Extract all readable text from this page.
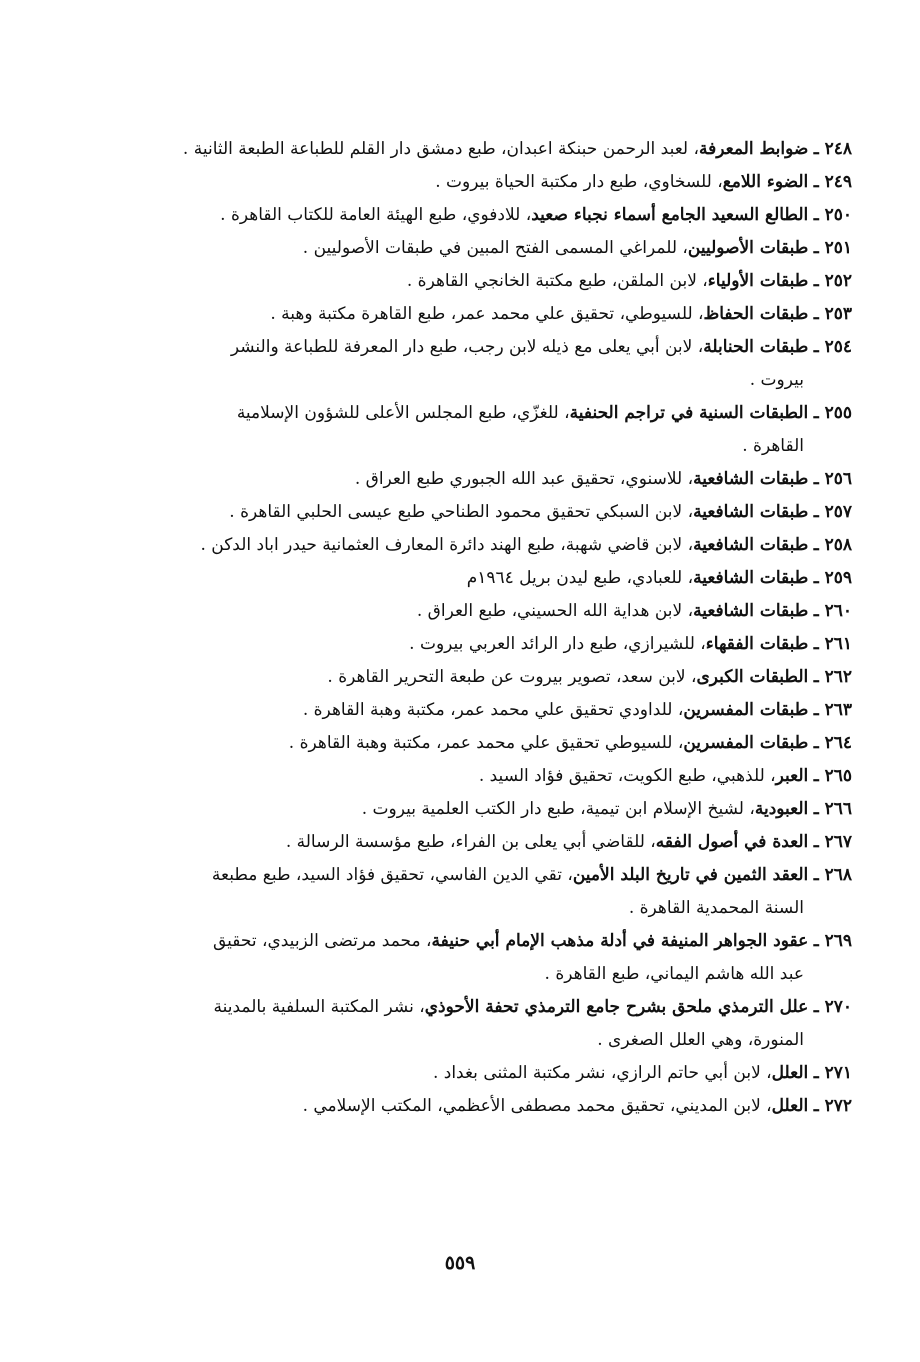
٢٤٨ ـ ضوابط المعرفة، لعبد الرحمن حبنكة اعبدان، طبع دمشق دار القلم للطباعة الطبعة الثانية .
٢٤٩ ـ الضوء اللامع، للسخاوي، طبع دار مكتبة الحياة بيروت .
٢٥٠ ـ الطالع السعيد الجامع أسماء نجباء صعيد، للادفوي، طبع الهيئة العامة للكتاب القاهرة .
٢٥١ ـ طبقات الأصوليين، للمراغي المسمى الفتح المبين في طبقات الأصوليين .
٢٥٢ ـ طبقات الأولياء، لابن الملقن، طبع مكتبة الخانجي القاهرة .
٢٥٣ ـ طبقات الحفاظ، للسيوطي، تحقيق علي محمد عمر، طبع القاهرة مكتبة وهبة .
٢٥٤ ـ طبقات الحنابلة، لابن أبي يعلى مع ذيله لابن رجب، طبع دار المعرفة للطباعة والنشر
بيروت .
٢٥٥ ـ الطبقات السنية في تراجم الحنفية، للغزّي، طبع المجلس الأعلى للشؤون الإسلامية
القاهرة .
٢٥٦ ـ طبقات الشافعية، للاسنوي، تحقيق عبد الله الجبوري طبع العراق .
٢٥٧ ـ طبقات الشافعية، لابن السبكي تحقيق محمود الطناحي طبع عيسى الحلبي القاهرة .
٢٥٨ ـ طبقات الشافعية، لابن قاضي شهبة، طبع الهند دائرة المعارف العثمانية حيدر اباد الدكن .
٢٥٩ ـ طبقات الشافعية، للعبادي، طبع ليدن بريل ١٩٦٤م
٢٦٠ ـ طبقات الشافعية، لابن هداية الله الحسيني، طبع العراق .
٢٦١ ـ طبقات الفقهاء، للشيرازي، طبع دار الرائد العربي بيروت .
٢٦٢ ـ الطبقات الكبرى، لابن سعد، تصوير بيروت عن طبعة التحرير القاهرة .
٢٦٣ ـ طبقات المفسرين، للداودي تحقيق علي محمد عمر، مكتبة وهبة القاهرة .
٢٦٤ ـ طبقات المفسرين، للسيوطي تحقيق علي محمد عمر، مكتبة وهبة القاهرة .
٢٦٥ ـ العبر، للذهبي، طبع الكويت، تحقيق فؤاد السيد .
٢٦٦ ـ العبودية، لشيخ الإسلام ابن تيمية، طبع دار الكتب العلمية بيروت .
٢٦٧ ـ العدة في أصول الفقه، للقاضي أبي يعلى بن الفراء، طبع مؤسسة الرسالة .
٢٦٨ ـ العقد الثمين في تاريخ البلد الأمين، تقي الدين الفاسي، تحقيق فؤاد السيد، طبع مطبعة
السنة المحمدية القاهرة .
٢٦٩ ـ عقود الجواهر المنيفة في أدلة مذهب الإمام أبي حنيفة، محمد مرتضى الزبيدي، تحقيق
عبد الله هاشم اليماني، طبع القاهرة .
٢٧٠ ـ علل الترمذي ملحق بشرح جامع الترمذي تحفة الأحوذي، نشر المكتبة السلفية بالمدينة
المنورة، وهي العلل الصغرى .
٢٧١ ـ العلل، لابن أبي حاتم الرازي، نشر مكتبة المثنى بغداد .
٢٧٢ ـ العلل، لابن المديني، تحقيق محمد مصطفى الأعظمي، المكتب الإسلامي .
٥٥٩
